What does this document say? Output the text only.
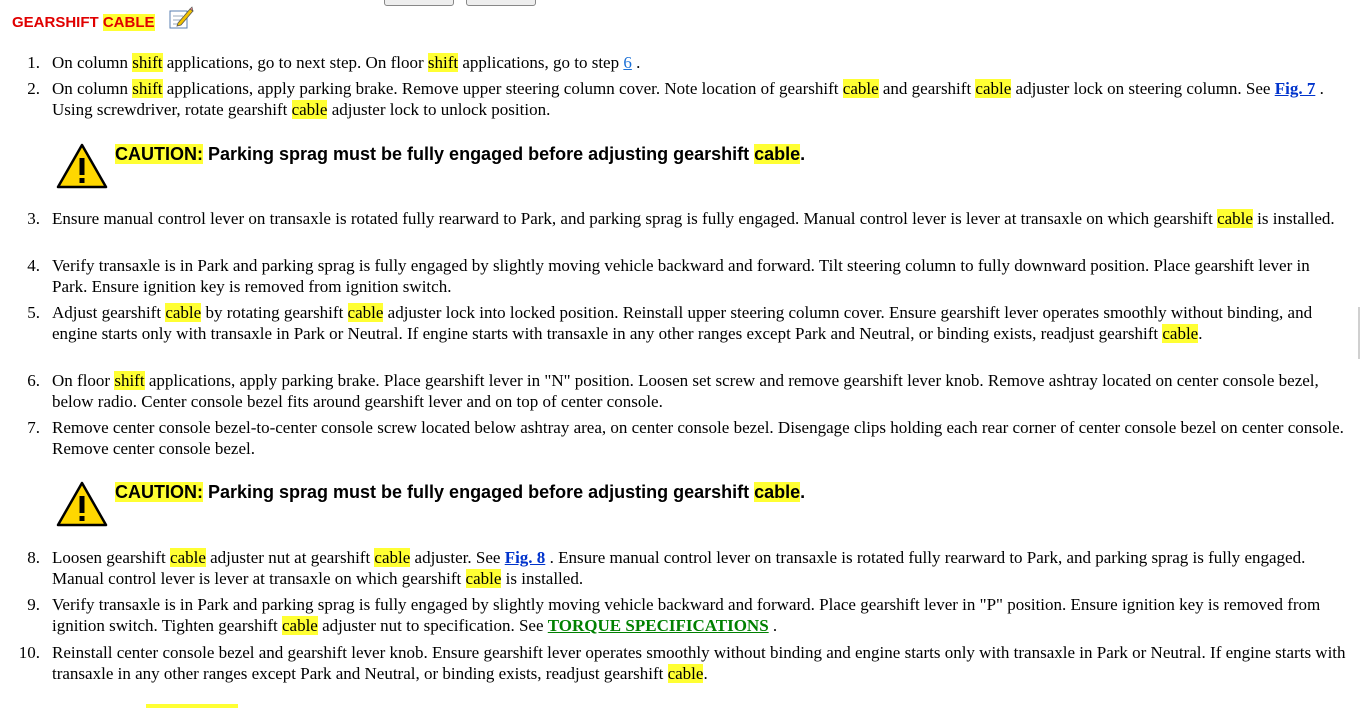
GEARSHIFT CABLE
1. On column shift applications, go to next step. On floor shift applications, go to step 6 .
2. On column shift applications, apply parking brake. Remove upper steering column cover. Note location of gearshift cable and gearshift cable adjuster lock on steering column. See Fig. 7 . Using screwdriver, rotate gearshift cable adjuster lock to unlock position.
3. Ensure manual control lever on transaxle is rotated fully rearward to Park, and parking sprag is fully engaged. Manual control lever is lever at transaxle on which gearshift cable is installed.
4. Verify transaxle is in Park and parking sprag is fully engaged by slightly moving vehicle backward and forward. Tilt steering column to fully downward position. Place gearshift lever in Park. Ensure ignition key is removed from ignition switch.
5. Adjust gearshift cable by rotating gearshift cable adjuster lock into locked position. Reinstall upper steering column cover. Ensure gearshift lever operates smoothly without binding, and engine starts only with transaxle in Park or Neutral. If engine starts with transaxle in any other ranges except Park and Neutral, or binding exists, readjust gearshift cable.
6. On floor shift applications, apply parking brake. Place gearshift lever in "N" position. Loosen set screw and remove gearshift lever knob. Remove ashtray located on center console bezel, below radio. Center console bezel fits around gearshift lever and on top of center console.
7. Remove center console bezel-to-center console screw located below ashtray area, on center console bezel. Disengage clips holding each rear corner of center console bezel on center console. Remove center console bezel.
8. Loosen gearshift cable adjuster nut at gearshift cable adjuster. See Fig. 8 . Ensure manual control lever on transaxle is rotated fully rearward to Park, and parking sprag is fully engaged. Manual control lever is lever at transaxle on which gearshift cable is installed.
9. Verify transaxle is in Park and parking sprag is fully engaged by slightly moving vehicle backward and forward. Place gearshift lever in "P" position. Ensure ignition key is removed from ignition switch. Tighten gearshift cable adjuster nut to specification. See TORQUE SPECIFICATIONS .
10. Reinstall center console bezel and gearshift lever knob. Ensure gearshift lever operates smoothly without binding and engine starts only with transaxle in Park or Neutral. If engine starts with transaxle in any other ranges except Park and Neutral, or binding exists, readjust gearshift cable.
CAUTION: Parking sprag must be fully engaged before adjusting gearshift cable.
CAUTION: Parking sprag must be fully engaged before adjusting gearshift cable.
